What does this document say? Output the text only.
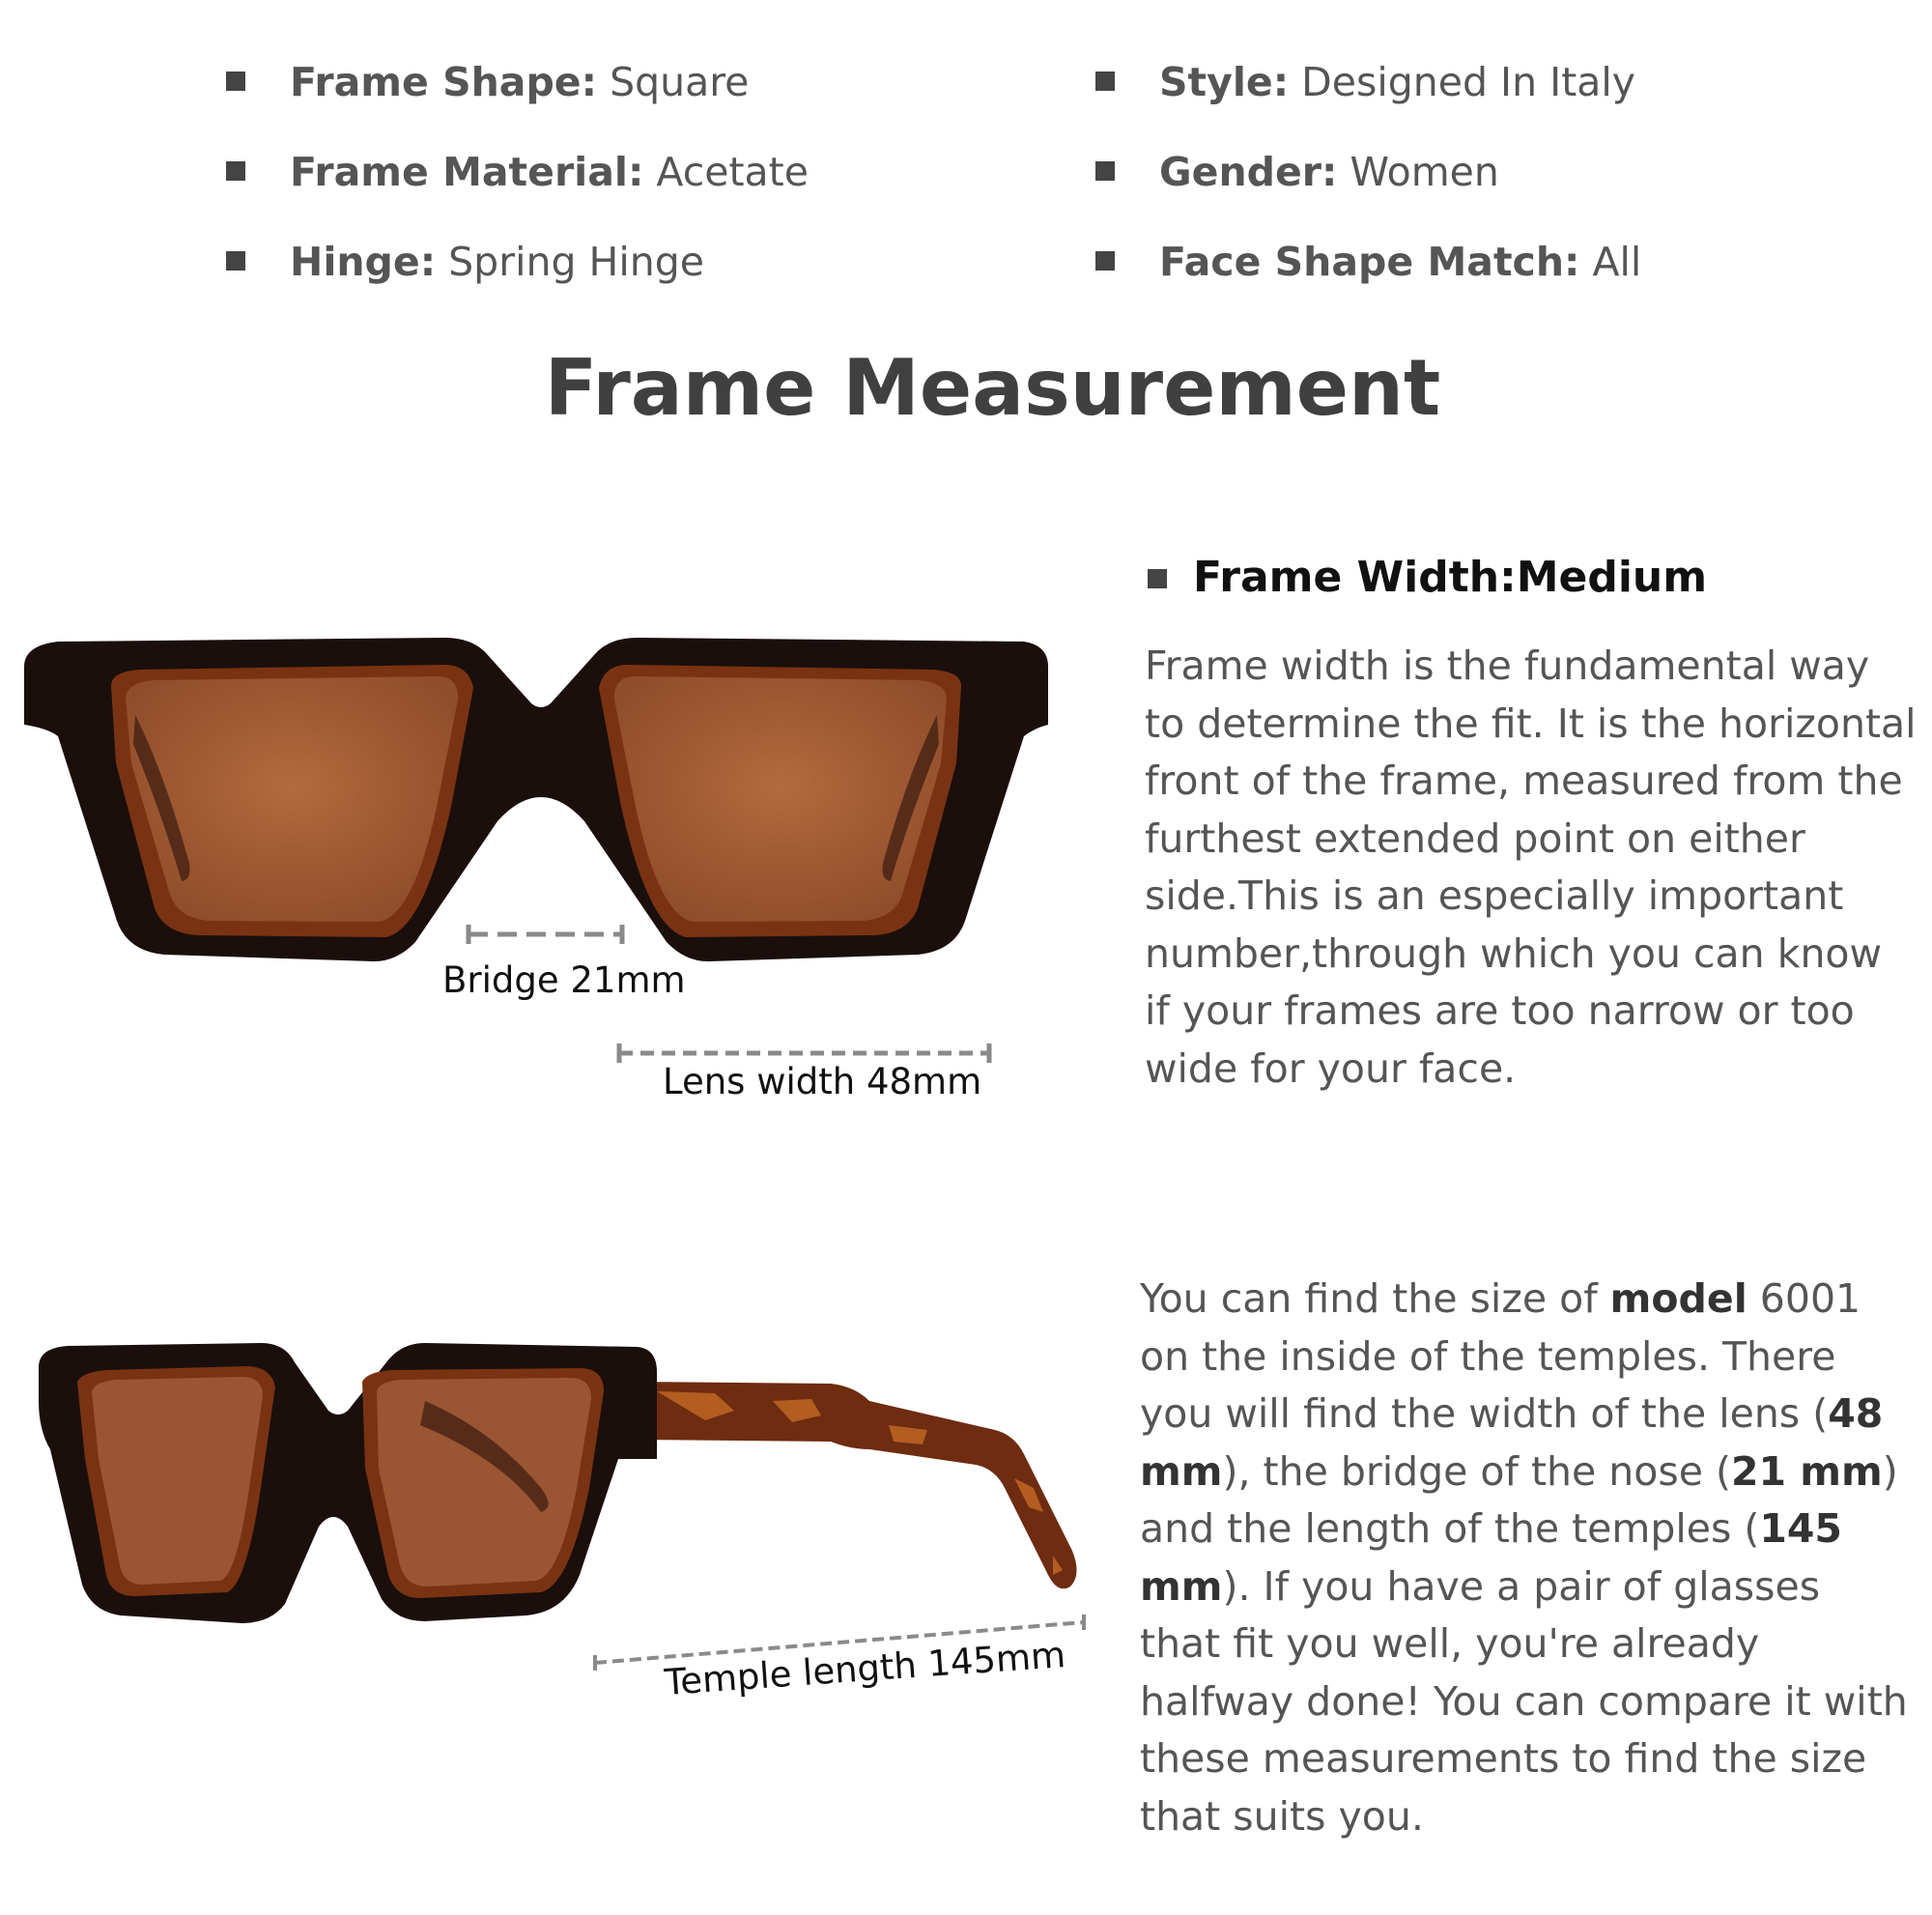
Frame Shape: Square
Frame Material: Acetate
Hinge: Spring Hinge
Style: Designed In Italy
Gender: Women
Face Shape Match: All
Frame Measurement
Bridge 21mm
Lens width 48mm
Frame Width:Medium

Frame width is the fundamental way to determine the fit. It is the horizontal front of the frame, measured from the furthest extended point on either side.This is an especially important number,through which you can know if your frames are too narrow or too wide for your face.

Temple length 145mm

You can find the size of model 6001 on the inside of the temples. There you will find the width of the lens (48 mm), the bridge of the nose (21 mm) and the length of the temples (145 mm). If you have a pair of glasses that fit you well, you're already halfway done! You can compare it with these measurements to find the size that suits you.
